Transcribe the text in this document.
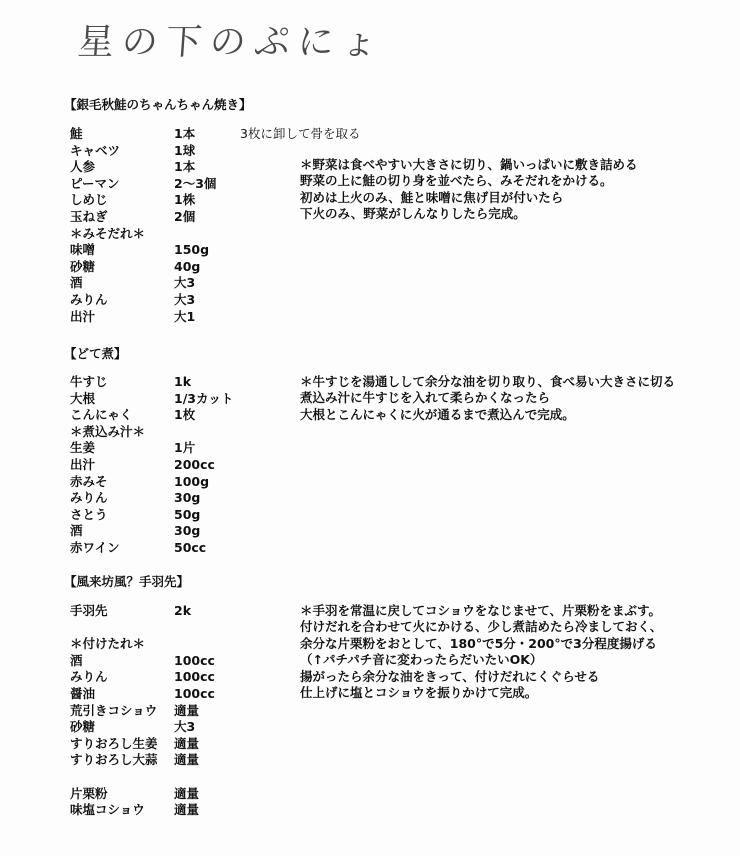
星の下のぷにょ
【銀毛秋鮭のちゃんちゃん焼き】
鮭	1本	3枚に卸して骨を取る
キャベツ	1球
人参	1本
ピーマン	2～3個
しめじ	1株
玉ねぎ	2個
＊みそだれ＊
味噌	150g
砂糖	40g
酒	大3
みりん	大3
出汁	大1
＊野菜は食べやすい大きさに切り、鍋いっぱいに敷き詰める
野菜の上に鮭の切り身を並べたら、みそだれをかける。
初めは上火のみ、鮭と味噌に焦げ目が付いたら
下火のみ、野菜がしんなりしたら完成。
【どて煮】
牛すじ	1k
大根	1/3カット
こんにゃく	1枚
＊煮込み汁＊
生姜	1片
出汁	200cc
赤みそ	100g
みりん	30g
さとう	50g
酒	30g
赤ワイン	50cc
＊牛すじを湯通しして余分な油を切り取り、食べ易い大きさに切る
煮込み汁に牛すじを入れて柔らかくなったら
大根とこんにゃくに火が通るまで煮込んで完成。
【風来坊風？手羽先】
手羽先	2k
＊付けたれ＊
酒	100cc
みりん	100cc
醤油	100cc
荒引きコショウ 適量
砂糖	大3
すりおろし生姜 適量
すりおろし大蒜 適量
片栗粉	適量
味塩コショウ 適量
＊手羽を常温に戻してコショウをなじませて、片栗粉をまぶす。
付けだれを合わせて火にかける、少し煮詰めたら冷ましておく、
余分な片栗粉をおとして、180°で5分・200°で3分程度揚げる
（↑パチパチ音に変わったらだいたいOK）
揚がったら余分な油をきって、付けだれにくぐらせる
仕上げに塩とコショウを振りかけて完成。
